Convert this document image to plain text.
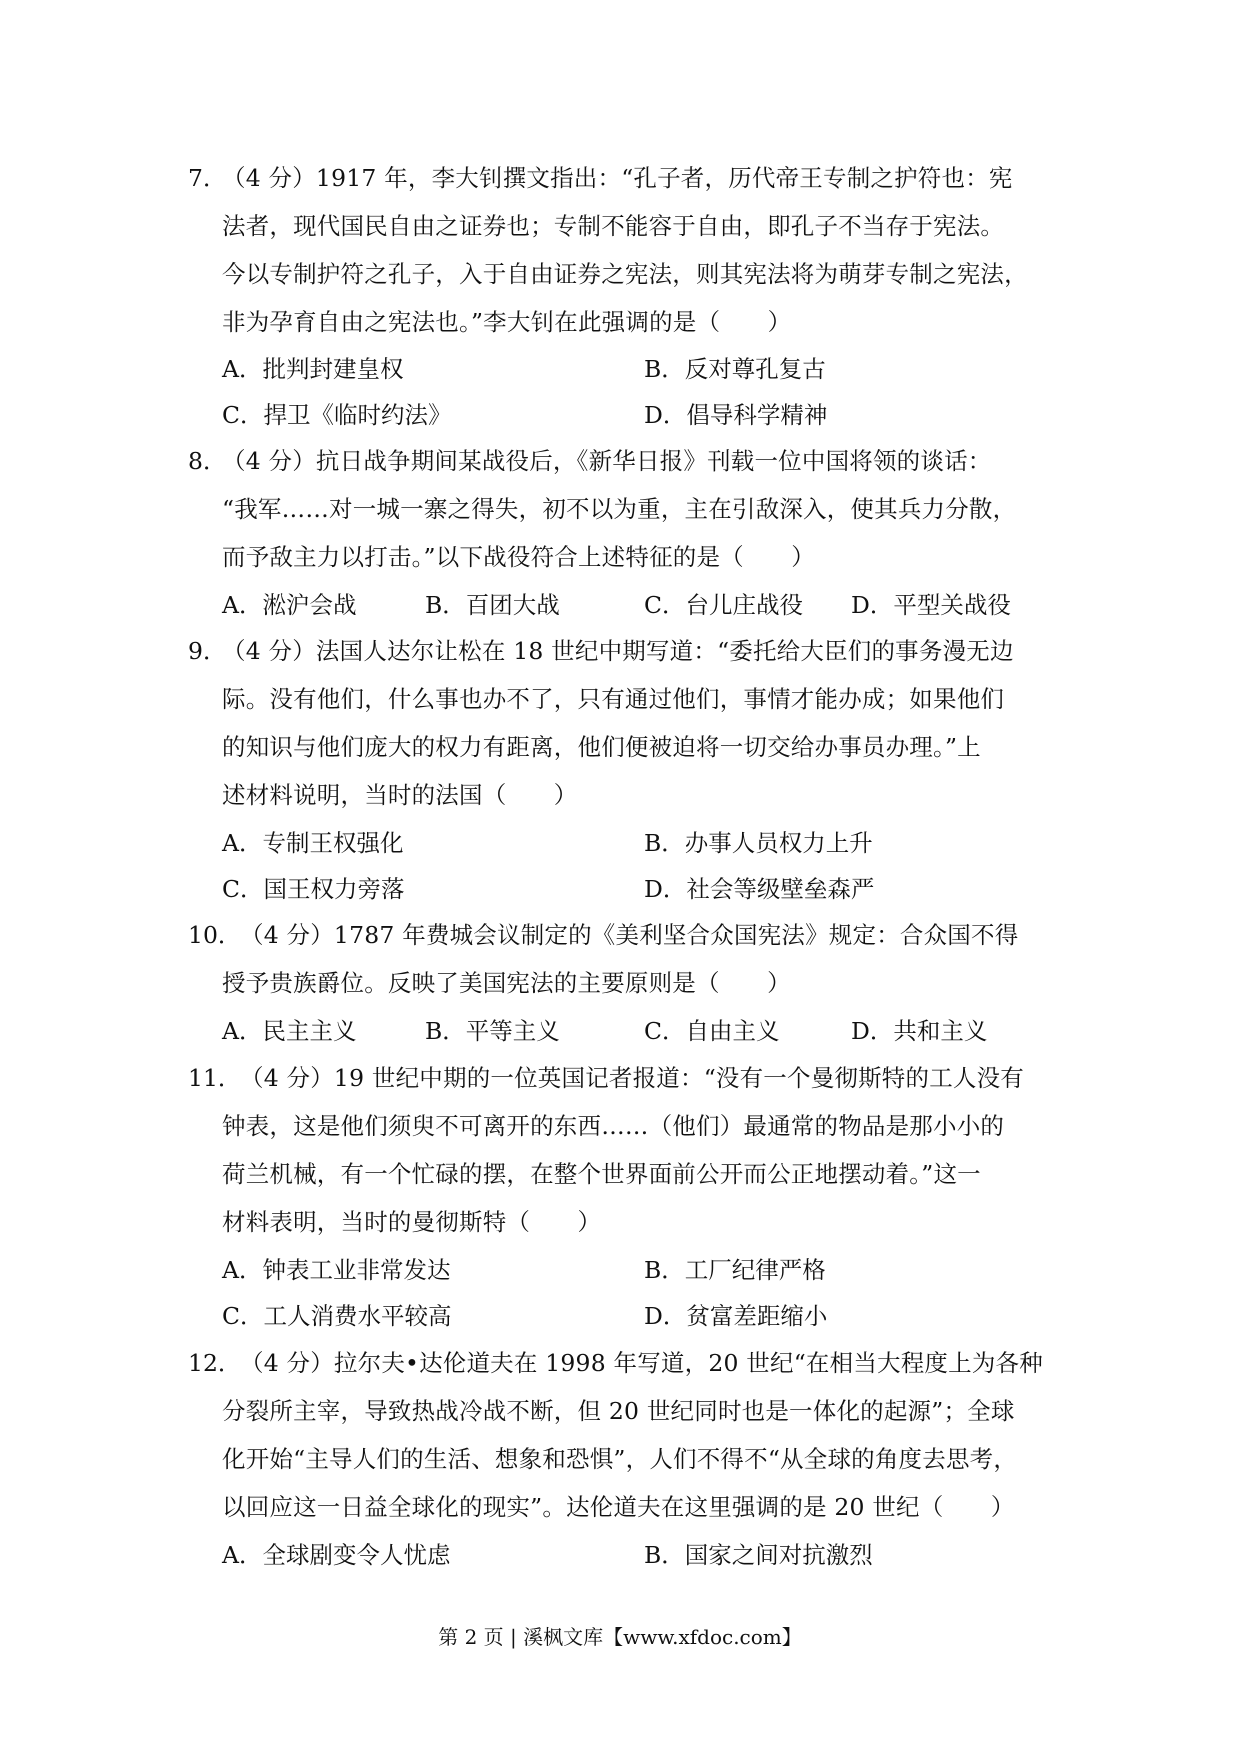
7．
（4 分）1917 年，李大钊撰文指出：“孔子者，历代帝王专制之护符也：宪
法者，现代国民自由之证券也；专制不能容于自由，即孔子不当存于宪法。
今以专制护符之孔子，入于自由证券之宪法，则其宪法将为萌芽专制之宪法，
非为孕育自由之宪法也。”李大钊在此强调的是（　　）
A．批判封建皇权	B．反对尊孔复古
C．捍卫《临时约法》	D．倡导科学精神
8．
（4 分）抗日战争期间某战役后，《新华日报》刊载一位中国将领的谈话：
“我军……对一城一寨之得失，初不以为重，主在引敌深入，使其兵力分散，
而予敌主力以打击。”以下战役符合上述特征的是（　　）
A．淞沪会战	B．百团大战	C．台儿庄战役 D．平型关战役
9．
（4 分）法国人达尔让松在 18 世纪中期写道：“委托给大臣们的事务漫无边
际。没有他们，什么事也办不了，只有通过他们，事情才能办成；如果他们
的知识与他们庞大的权力有距离，他们便被迫将一切交给办事员办理。”上
述材料说明，当时的法国（　　）
A．专制王权强化	B．办事人员权力上升
C．国王权力旁落	D．社会等级壁垒森严
10．
（4 分）1787 年费城会议制定的《美利坚合众国宪法》规定：合众国不得
授予贵族爵位。反映了美国宪法的主要原则是（　　）
A．民主主义	B．平等主义	C．自由主义	D．共和主义
11．
（4 分）19 世纪中期的一位英国记者报道：“没有一个曼彻斯特的工人没有
钟表，这是他们须臾不可离开的东西……（他们）最通常的物品是那小小的
荷兰机械，有一个忙碌的摆，在整个世界面前公开而公正地摆动着。”这一
材料表明，当时的曼彻斯特（　　）
A．钟表工业非常发达	B．工厂纪律严格
C．工人消费水平较高	D．贫富差距缩小
12．
（4 分）拉尔夫•达伦道夫在 1998 年写道，20 世纪“在相当大程度上为各种
分裂所主宰，导致热战冷战不断，但 20 世纪同时也是一体化的起源”；全球
化开始“主导人们的生活、想象和恐惧”，人们不得不“从全球的角度去思考，
以回应这一日益全球化的现实”。达伦道夫在这里强调的是 20 世纪（　　）
A．全球剧变令人忧虑	B．国家之间对抗激烈
第 2 页 | 溪枫文库【www.xfdoc.com】
